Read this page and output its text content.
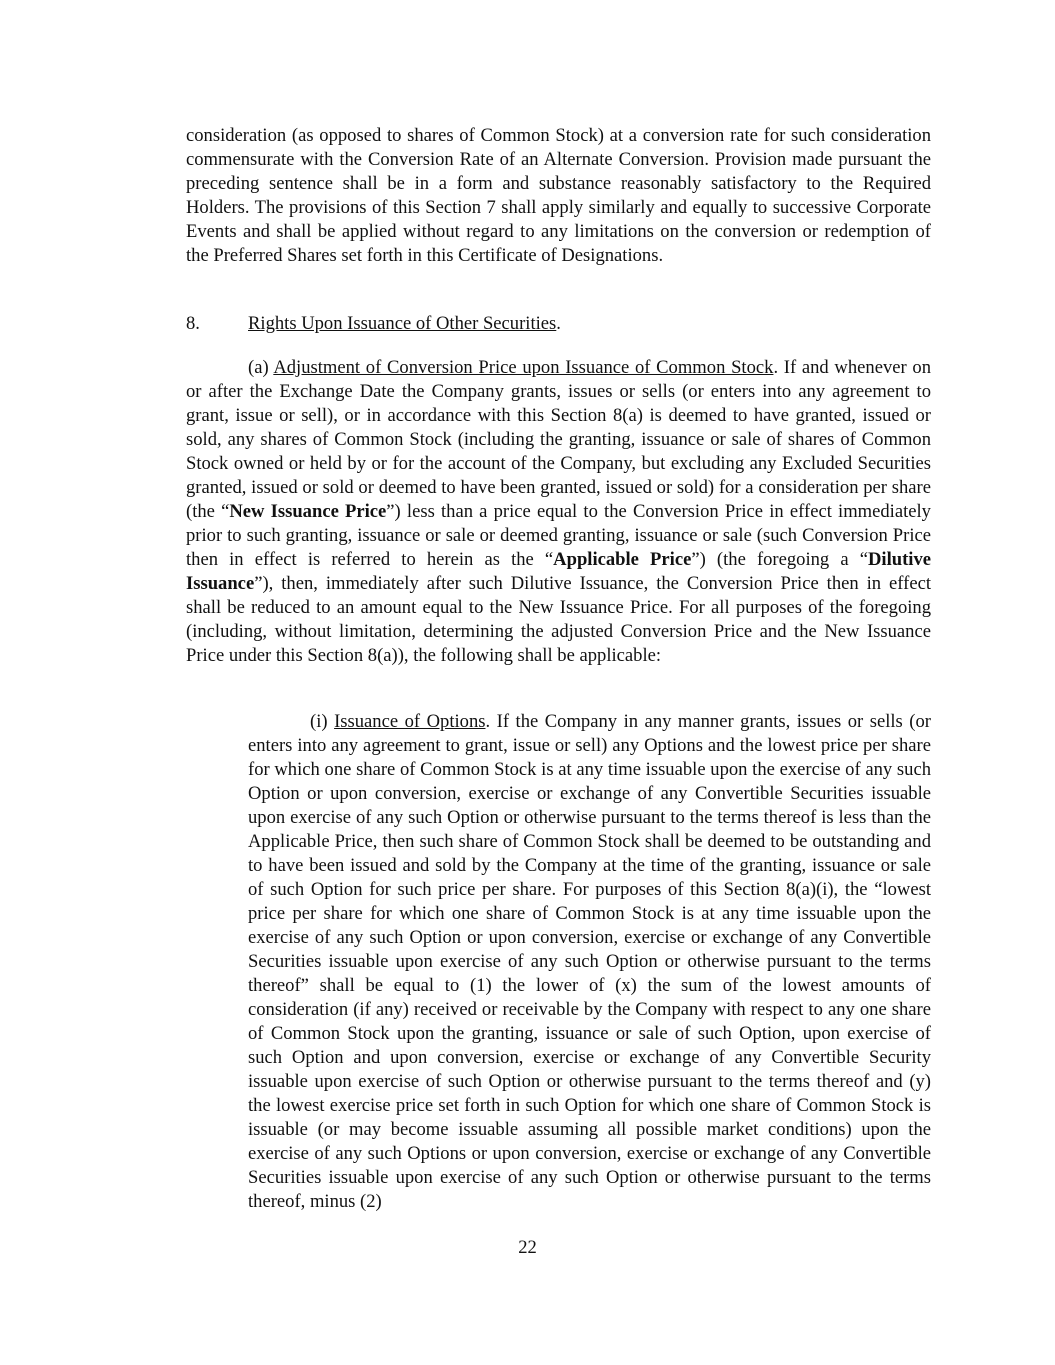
consideration (as opposed to shares of Common Stock) at a conversion rate for such consideration commensurate with the Conversion Rate of an Alternate Conversion. Provision made pursuant the preceding sentence shall be in a form and substance reasonably satisfactory to the Required Holders. The provisions of this Section 7 shall apply similarly and equally to successive Corporate Events and shall be applied without regard to any limitations on the conversion or redemption of the Preferred Shares set forth in this Certificate of Designations.

8.	Rights Upon Issuance of Other Securities.

(a) Adjustment of Conversion Price upon Issuance of Common Stock. If and whenever on or after the Exchange Date the Company grants, issues or sells (or enters into any agreement to grant, issue or sell), or in accordance with this Section 8(a) is deemed to have granted, issued or sold, any shares of Common Stock (including the granting, issuance or sale of shares of Common Stock owned or held by or for the account of the Company, but excluding any Excluded Securities granted, issued or sold or deemed to have been granted, issued or sold) for a consideration per share (the “New Issuance Price”) less than a price equal to the Conversion Price in effect immediately prior to such granting, issuance or sale or deemed granting, issuance or sale (such Conversion Price then in effect is referred to herein as the “Applicable Price”) (the foregoing a “Dilutive Issuance”), then, immediately after such Dilutive Issuance, the Conversion Price then in effect shall be reduced to an amount equal to the New Issuance Price. For all purposes of the foregoing (including, without limitation, determining the adjusted Conversion Price and the New Issuance Price under this Section 8(a)), the following shall be applicable:

(i) Issuance of Options. If the Company in any manner grants, issues or sells (or enters into any agreement to grant, issue or sell) any Options and the lowest price per share for which one share of Common Stock is at any time issuable upon the exercise of any such Option or upon conversion, exercise or exchange of any Convertible Securities issuable upon exercise of any such Option or otherwise pursuant to the terms thereof is less than the Applicable Price, then such share of Common Stock shall be deemed to be outstanding and to have been issued and sold by the Company at the time of the granting, issuance or sale of such Option for such price per share. For purposes of this Section 8(a)(i), the “lowest price per share for which one share of Common Stock is at any time issuable upon the exercise of any such Option or upon conversion, exercise or exchange of any Convertible Securities issuable upon exercise of any such Option or otherwise pursuant to the terms thereof” shall be equal to (1) the lower of (x) the sum of the lowest amounts of consideration (if any) received or receivable by the Company with respect to any one share of Common Stock upon the granting, issuance or sale of such Option, upon exercise of such Option and upon conversion, exercise or exchange of any Convertible Security issuable upon exercise of such Option or otherwise pursuant to the terms thereof and (y) the lowest exercise price set forth in such Option for which one share of Common Stock is issuable (or may become issuable assuming all possible market conditions) upon the exercise of any such Options or upon conversion, exercise or exchange of any Convertible Securities issuable upon exercise of any such Option or otherwise pursuant to the terms thereof, minus (2)

22
